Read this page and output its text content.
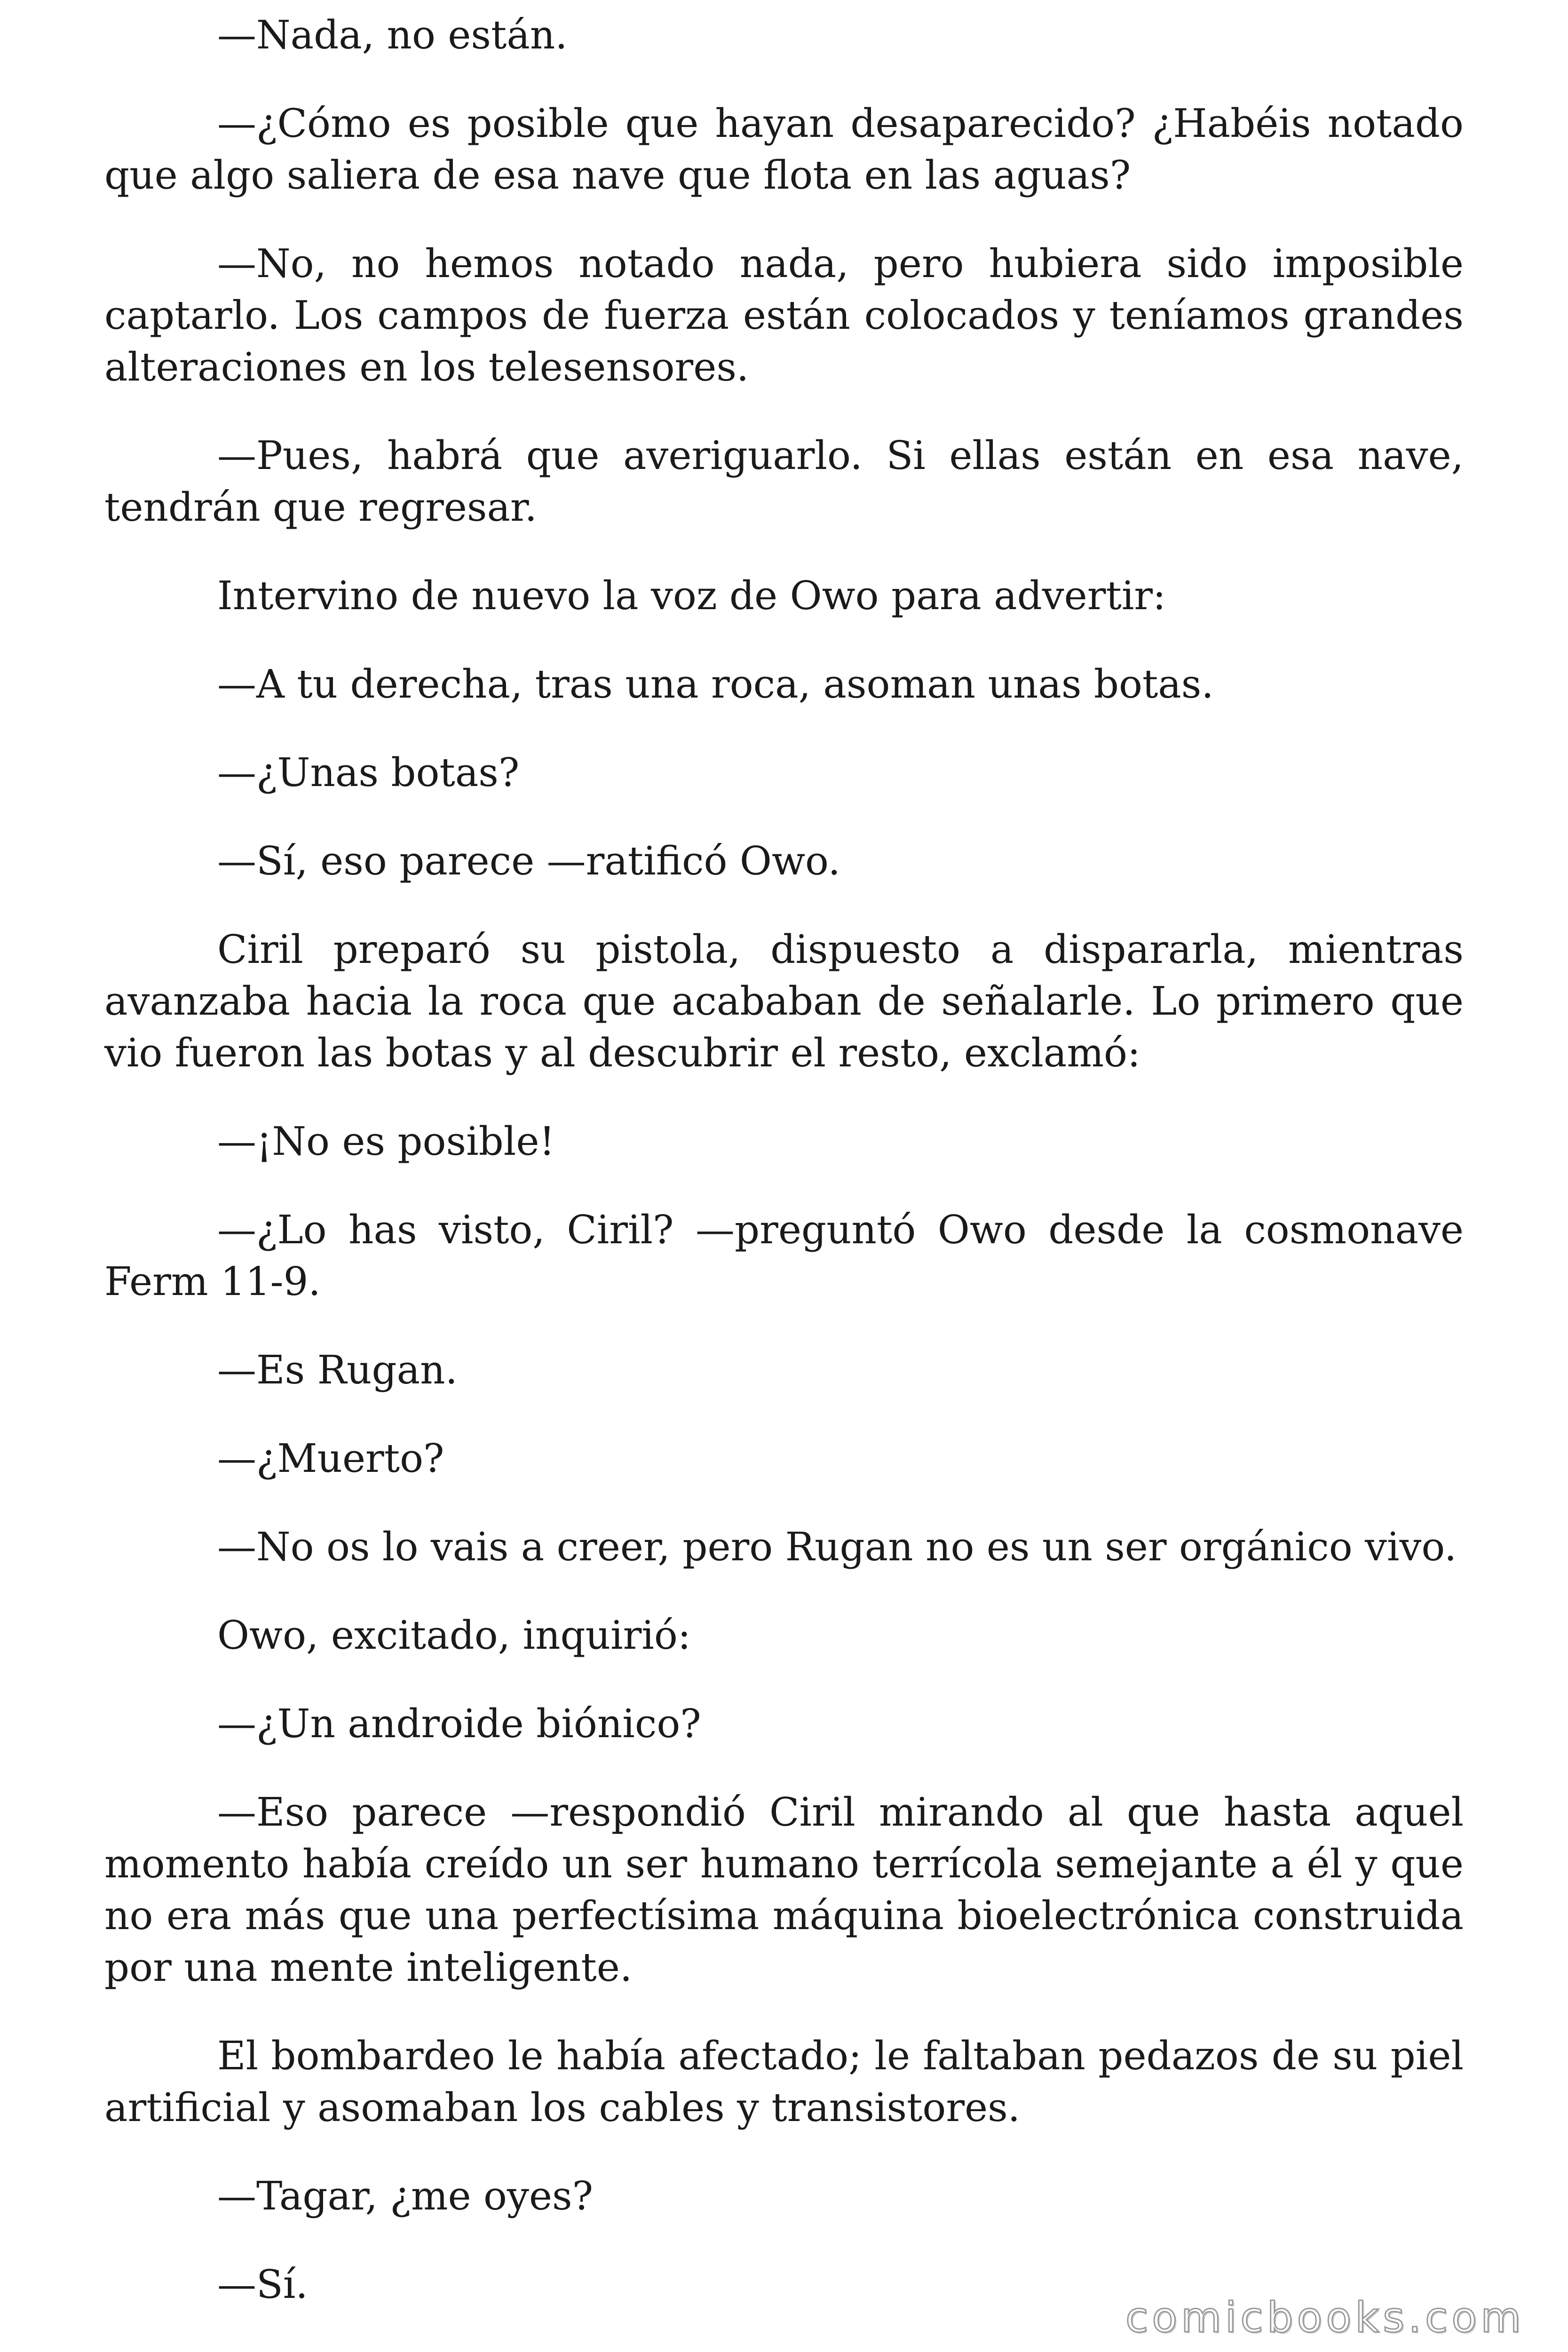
—Nada, no están.

—¿Cómo es posible que hayan desaparecido? ¿Habéis notado que algo saliera de esa nave que flota en las aguas?

—No, no hemos notado nada, pero hubiera sido imposible captarlo. Los campos de fuerza están colocados y teníamos grandes alteraciones en los telesensores.

—Pues, habrá que averiguarlo. Si ellas están en esa nave, tendrán que regresar.

Intervino de nuevo la voz de Owo para advertir:

—A tu derecha, tras una roca, asoman unas botas.

—¿Unas botas?

—Sí, eso parece —ratificó Owo.

Ciril preparó su pistola, dispuesto a dispararla, mientras avanzaba hacia la roca que acababan de señalarle. Lo primero que vio fueron las botas y al descubrir el resto, exclamó:

—¡No es posible!

—¿Lo has visto, Ciril? —preguntó Owo desde la cosmonave Ferm 11-9.

—Es Rugan.

—¿Muerto?

—No os lo vais a creer, pero Rugan no es un ser orgánico vivo.

Owo, excitado, inquirió:

—¿Un androide biónico?

—Eso parece —respondió Ciril mirando al que hasta aquel momento había creído un ser humano terrícola semejante a él y que no era más que una perfectísima máquina bioelectrónica construida por una mente inteligente.

El bombardeo le había afectado; le faltaban pedazos de su piel artificial y asomaban los cables y transistores.

—Tagar, ¿me oyes?

—Sí.

comicbooks.com
